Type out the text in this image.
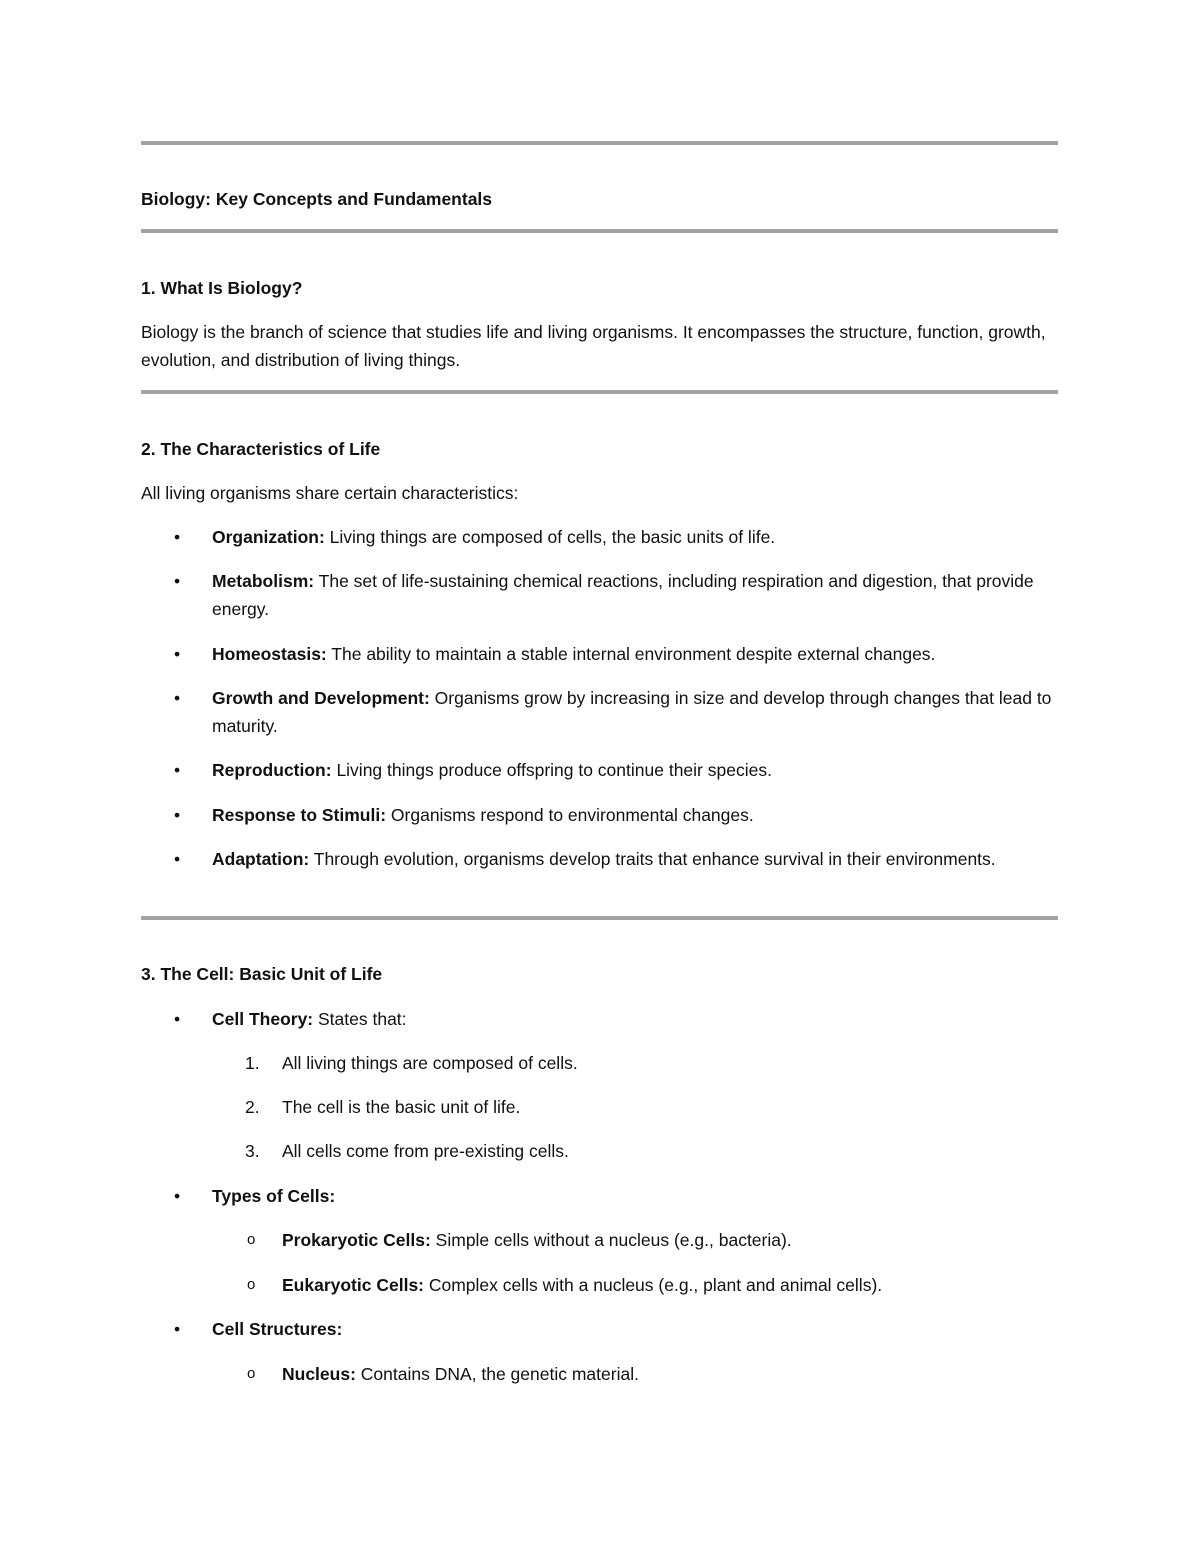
Biology: Key Concepts and Fundamentals
1. What Is Biology?
Biology is the branch of science that studies life and living organisms. It encompasses the structure, function, growth, evolution, and distribution of living things.
2. The Characteristics of Life
All living organisms share certain characteristics:
• Organization: Living things are composed of cells, the basic units of life.
• Metabolism: The set of life-sustaining chemical reactions, including respiration and digestion, that provide energy.
• Homeostasis: The ability to maintain a stable internal environment despite external changes.
• Growth and Development: Organisms grow by increasing in size and develop through changes that lead to maturity.
• Reproduction: Living things produce offspring to continue their species.
• Response to Stimuli: Organisms respond to environmental changes.
• Adaptation: Through evolution, organisms develop traits that enhance survival in their environments.
3. The Cell: Basic Unit of Life
• Cell Theory: States that:
1. All living things are composed of cells.
2. The cell is the basic unit of life.
3. All cells come from pre-existing cells.
• Types of Cells:
o Prokaryotic Cells: Simple cells without a nucleus (e.g., bacteria).
o Eukaryotic Cells: Complex cells with a nucleus (e.g., plant and animal cells).
• Cell Structures:
o Nucleus: Contains DNA, the genetic material.
